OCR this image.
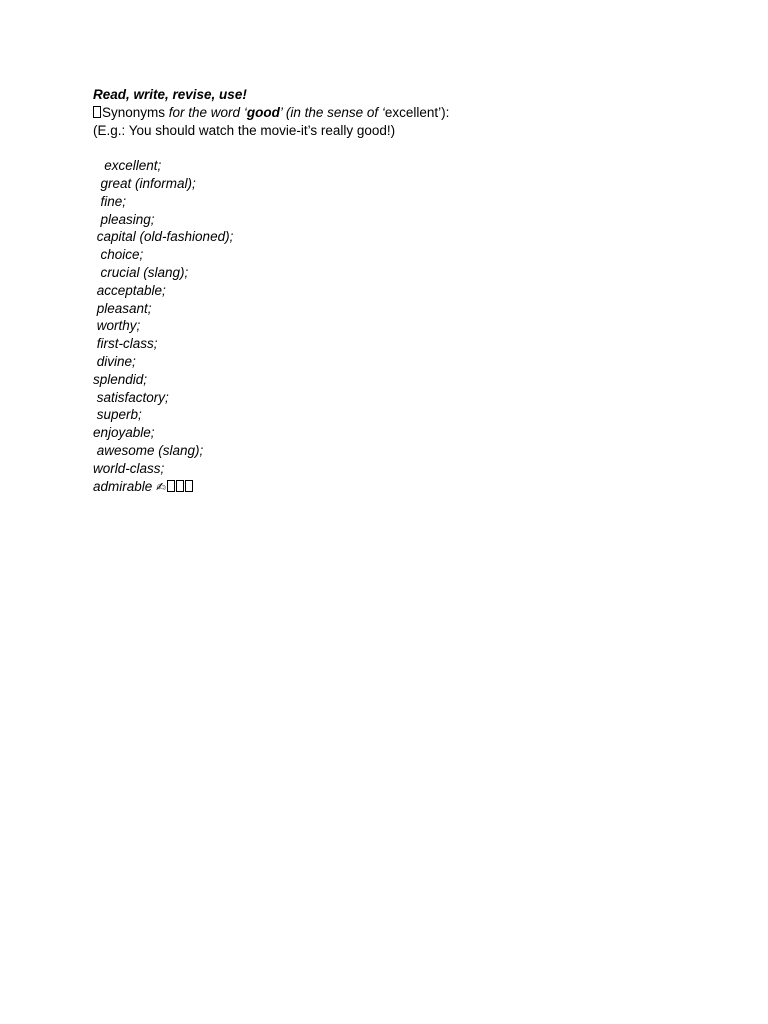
Read, write, revise, use!
Synonyms for the word ‘good’ (in the sense of ‘excellent’):
(E.g.: You should watch the movie-it’s really good!)
excellent;
great (informal);
fine;
pleasing;
capital (old-fashioned);
choice;
crucial (slang);
acceptable;
pleasant;
worthy;
first-class;
divine;
splendid;
satisfactory;
superb;
enjoyable;
awesome (slang);
world-class;
admirable ✍
